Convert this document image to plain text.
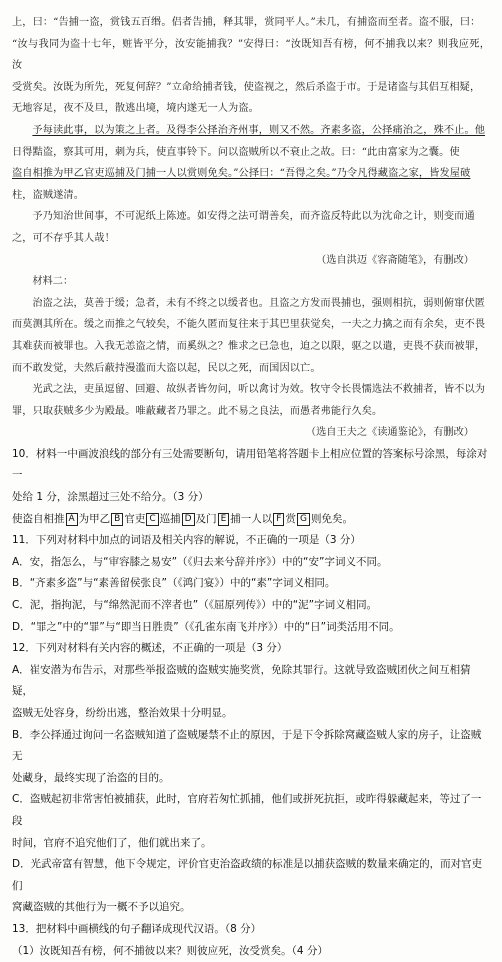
上，曰：“告捕一盗，赏钱五百缗。侣者告捕，释其罪，赏同平人。”未几，有捕盗而至者。盗不服，曰：

“汝与我同为盗十七年，赃皆平分，汝安能捕我？”安得曰：“汝既知吾有榜，何不捕我以来？则我应死，汝

受赏矣。汝既为所先，死复何辞？”立命给捕者钱，使盗视之，然后杀盗于市。于是诸盗与其侣互相疑，

无地容足，夜不及旦，散逃出境，境内遂无一人为盗。

予每读此事，以为策之上者。及得李公择治齐州事，则又不然。齐素多盗，公择痛治之，殊不止。他

日得黠盗，察其可用，刺为兵，使直事铃下。问以盗贼所以不衰止之故。曰：“此由富家为之囊。使

盗自相推为甲乙官吏巡捕及门捕一人以赏则免矣。”公择曰：“吾得之矣。”乃令凡得藏盗之家，皆发屋破

柱，盗贼遂清。

予乃知治世间事，不可泥纸上陈迹。如安得之法可谓善矣，而齐盗反特此以为沈命之计，则变而通

之，可不存乎其人哉！

（选自洪迈《容斋随笔》，有删改）

材料二：

治盗之法，莫善于缓；急者，未有不终之以缓者也。且盗之方发而畏捕也，强则相抗，弱则俯窜伏匿

而莫测其所在。缓之而推之气较矣，不能久匿而复往来于其巴里获觉矣，一夫之力擒之而有余矣，吏不畏

其难获而被罪也。入我无恙盗之情，而奚纵之？惟求之已急也，迫之以限，驱之以遣，吏畏不获而被罪，

而不敢发觉，夫然后蔽持漫滥而大盗以起，民以之死，而国因以亡。

光武之法，吏虽逗留、回避、故纵者皆勿问，听以禽讨为效。牧守令长畏懦选法不救捕者，皆不以为

罪，只取获贼多少为殿最。唯蔽藏者乃罪之。此不易之良法，而愚者弗能行久矣。

（选自王夫之《读通鉴论》，有删改）

10．材料一中画波浪线的部分有三处需要断句，请用铅笔将答题卡上相应位置的答案标号涂黑，每涂对一

处给 1 分，涂黑超过三处不给分。（3 分）

使盗自相推 A 为甲乙 B 官吏 C 巡捕 D 及门 E 捕一人以 F 赏 G 则免矣。

11．下列对材料中加点的词语及相关内容的解说，不正确的一项是（3 分）

A．安，指怎么，与“审容膝之易安”（《归去来兮辞并序》）中的“安”字词义不同。

B．“齐素多盗”与“素善留侯张良”（《鸿门宴》）中的“素”字词义相同。

C．泥，指拘泥，与“绵然泥而不滓者也”（《屈原列传》）中的“泥”字词义相同。

D．“罪之”中的“罪”与“即当日胜贵”（《孔雀东南飞并序》）中的“日”词类活用不同。

12．下列对材料有关内容的概述，不正确的一项是（3 分）

A．崔安潜为布告示，对那些举报盗贼的盗贼实施奖赏，免除其罪行。这就导致盗贼团伙之间互相猜疑，

盗贼无处容身，纷纷出逃，整治效果十分明显。

B．李公择通过询问一名盗贼知道了盗贼屡禁不止的原因，于是下令拆除窝藏盗贼人家的房子，让盗贼无

处藏身，最终实现了治盗的目的。

C．盗贼起初非常害怕被捕获，此时，官府若匆忙抓捕，他们或拼死抗拒，或昨得躲藏起来，等过了一段

时间，官府不追究他们了，他们就出来了。

D．光武帝富有智慧，他下令规定，评价官吏治盗政绩的标准是以捕获盗贼的数量来确定的，而对官吏们

窝藏盗贼的其他行为一概不予以追究。

13．把材料中画横线的句子翻译成现代汉语。（8 分）

（1）汝既知吾有榜，何不捕彼以来？则彼应死，汝受赏矣。（4 分）
